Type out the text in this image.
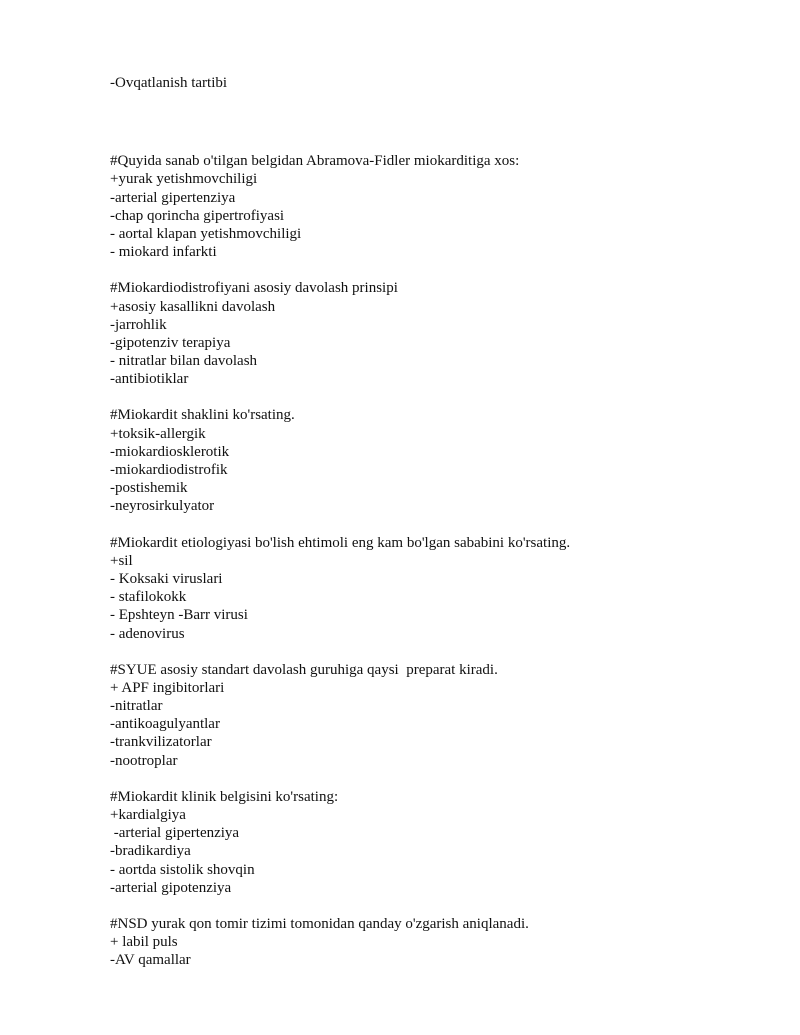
-Ovqatlanish tartibi
#Quyida sanab o'tilgan belgidan Abramova-Fidler miokarditiga xos:
+yurak yetishmovchiligi
-arterial gipertenziya
-chap qorincha gipertrofiyasi
- aortal klapan yetishmovchiligi
- miokard infarkti
#Miokardiodistrofiyani asosiy davolash prinsipi
+asosiy kasallikni davolash
-jarrohlik
-gipotenziv terapiya
- nitratlar bilan davolash
-antibiotiklar
#Miokardit shaklini ko'rsating.
+toksik-allergik
-miokardiosklerotik
-miokardiodistrofik
-postishemik
-neyrosirkulyator
#Miokardit etiologiyasi bo'lish ehtimoli eng kam bo'lgan sababini ko'rsating.
+sil
- Koksaki viruslari
- stafilokokk
- Epshteyn -Barr virusi
- adenovirus
#SYUE asosiy standart davolash guruhiga qaysi  preparat kiradi.
+ APF ingibitorlari
-nitratlar
-antikoagulyantlar
-trankvilizatorlar
-nootroplar
#Miokardit klinik belgisini ko'rsating:
+kardialgiya
-arterial gipertenziya
-bradikardiya
- aortda sistolik shovqin
-arterial gipotenziya
#NSD yurak qon tomir tizimi tomonidan qanday o'zgarish aniqlanadi.
+ labil puls
-AV qamallar
